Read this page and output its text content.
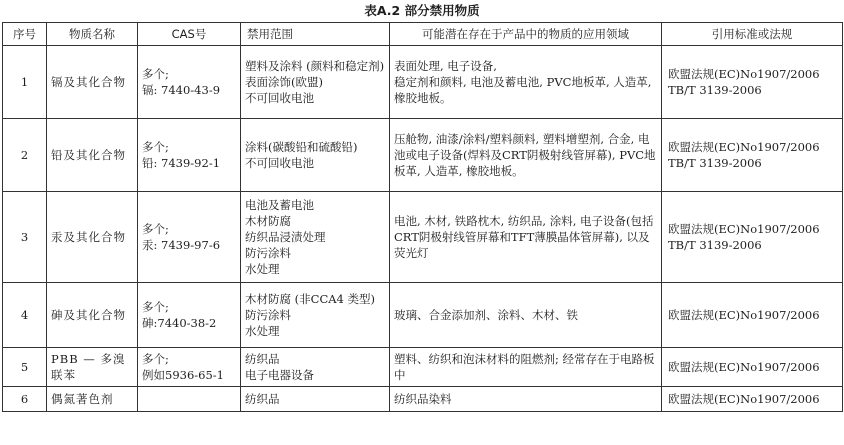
表A.2 部分禁用物质
序号	物质名称	CAS号	禁用范围	可能潜在存在于产品中的物质的应用领域	引用标准或法规
1	镉及其化合物	多个;
镉: 7440-43-9	塑料及涂料 (颜料和稳定剂)表面涂饰(欧盟)
不可回收电池	表面处理, 电子设备,
稳定剂和颜料, 电池及蓄电池, PVC地板革, 人造革, 橡胶地板。	欧盟法规(EC)No1907/2006
TB/T 3139-2006
2	铅及其化合物	多个;
铅: 7439-92-1	涂料(碳酸铅和硫酸铅)
不可回收电池	压舱物, 油漆/涂料/塑料颜料, 塑料增塑剂, 合金, 电池或电子设备(焊料及CRT阴极射线管屏幕), PVC地板革, 人造革, 橡胶地板。	欧盟法规(EC)No1907/2006
TB/T 3139-2006
3	汞及其化合物	多个;
汞: 7439-97-6	电池及蓄电池
木材防腐
纺织品浸渍处理
防污涂料
水处理	电池, 木材, 铁路枕木, 纺织品, 涂料, 电子设备(包括CRT阴极射线管屏幕和TFT薄膜晶体管屏幕), 以及荧光灯	欧盟法规(EC)No1907/2006
TB/T 3139-2006
4	砷及其化合物	多个;
砷:7440-38-2	木材防腐 (非CCA4 类型)
防污涂料
水处理	玻璃、合金添加剂、涂料、木材、铁	欧盟法规(EC)No1907/2006
5	PBB — 多溴联苯	多个;
例如5936-65-1	纺织品
电子电器设备	塑料、纺织和泡沫材料的阻燃剂; 经常存在于电路板中	欧盟法规(EC)No1907/2006
6	偶氮著色剂		纺织品	纺织品染料	欧盟法规(EC)No1907/2006
